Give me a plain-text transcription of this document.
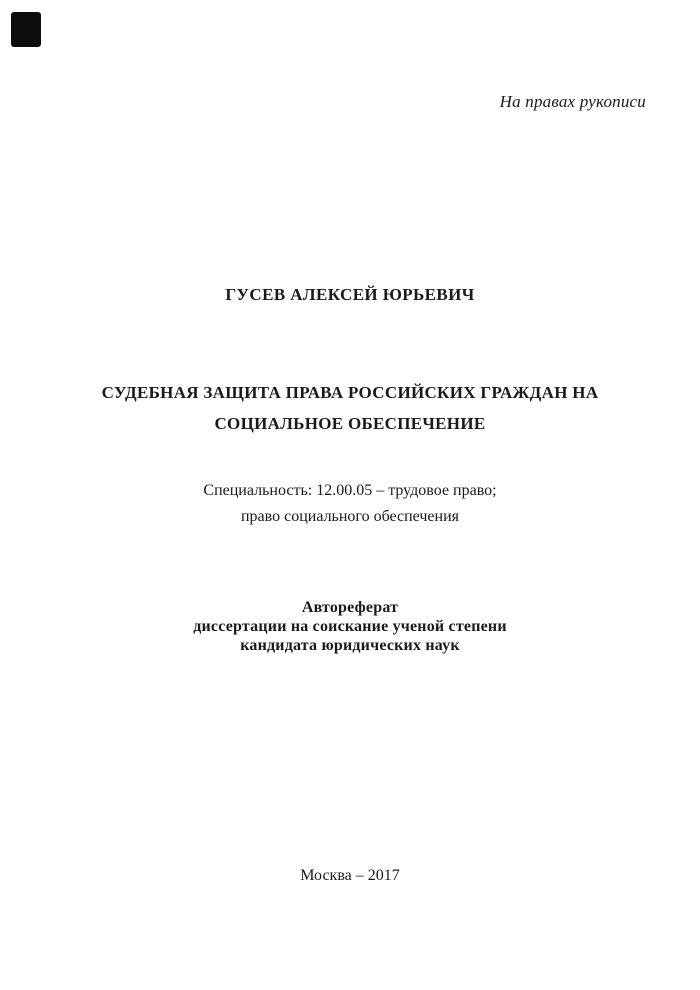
На правах рукописи
ГУСЕВ АЛЕКСЕЙ ЮРЬЕВИЧ
СУДЕБНАЯ ЗАЩИТА ПРАВА РОССИЙСКИХ ГРАЖДАН НА
СОЦИАЛЬНОЕ ОБЕСПЕЧЕНИЕ
Специальность: 12.00.05 – трудовое право;
право социального обеспечения
Автореферат
диссертации на соискание ученой степени
кандидата юридических наук
Москва – 2017
